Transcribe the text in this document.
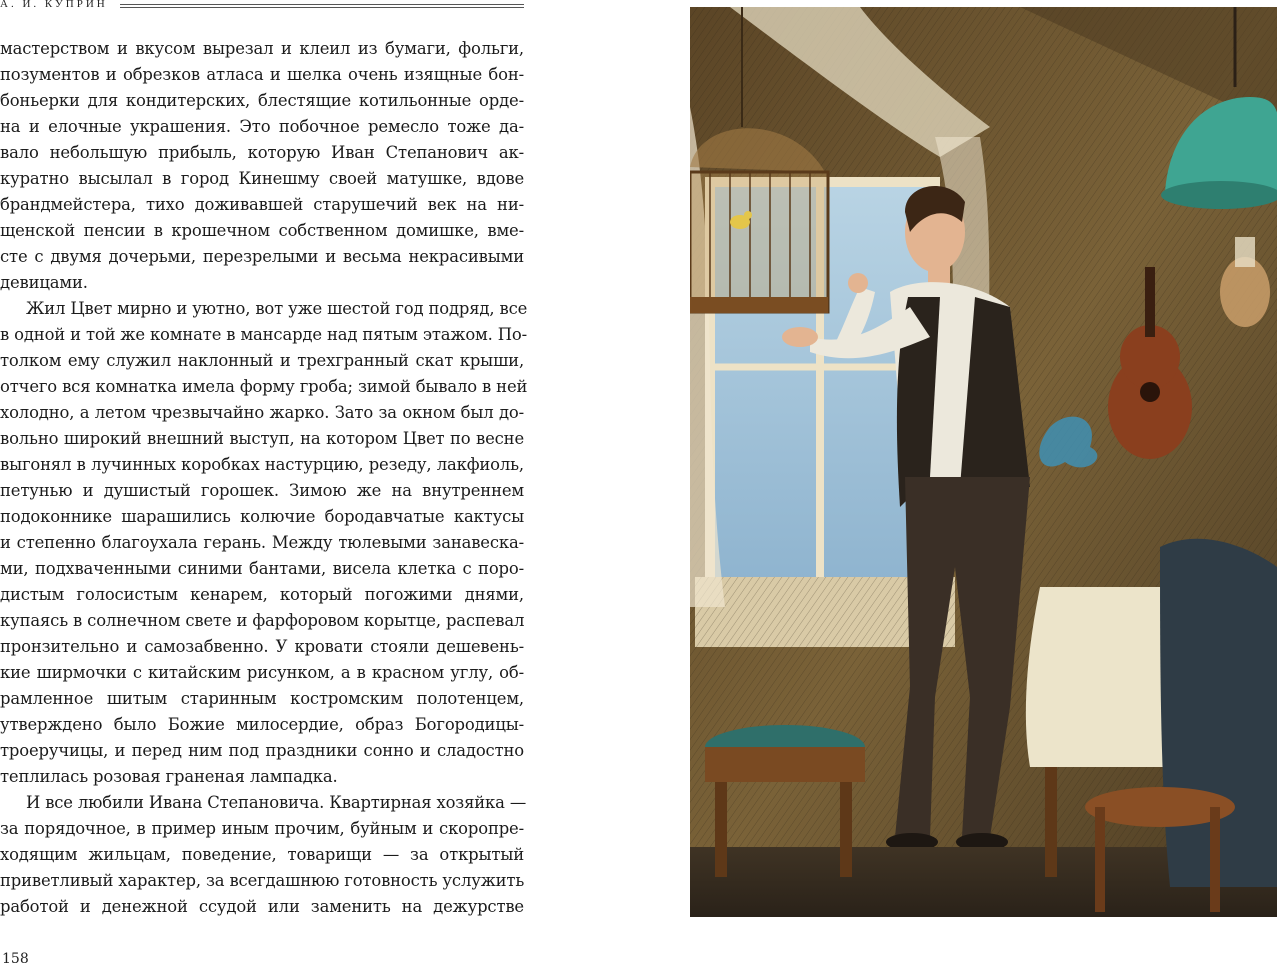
А. И. КУПРИН
мастерством и вкусом вырезал и клеил из бумаги, фольги,
позументов и обрезков атласа и шелка очень изящные бон-
боньерки для кондитерских, блестящие котильонные орде-
на и елочные украшения. Это побочное ремесло тоже да-
вало небольшую прибыль, которую Иван Степанович ак-
куратно высылал в город Кинешму своей матушке, вдове
брандмейстера, тихо доживавшей старушечий век на ни-
щенской пенсии в крошечном собственном домишке, вме-
сте с двумя дочерьми, перезрелыми и весьма некрасивыми
девицами.
Жил Цвет мирно и уютно, вот уже шестой год подряд, все
в одной и той же комнате в мансарде над пятым этажом. По-
толком ему служил наклонный и трехгранный скат крыши,
отчего вся комнатка имела форму гроба; зимой бывало в ней
холодно, а летом чрезвычайно жарко. Зато за окном был до-
вольно широкий внешний выступ, на котором Цвет по весне
выгонял в лучинных коробках настурцию, резеду, лакфиоль,
петунью и душистый горошек. Зимою же на внутреннем
подоконнике шарашились колючие бородавчатые кактусы
и степенно благоухала герань. Между тюлевыми занавеска-
ми, подхваченными синими бантами, висела клетка с поро-
дистым голосистым кенарем, который погожими днями,
купаясь в солнечном свете и фарфоровом корытце, распевал
пронзительно и самозабвенно. У кровати стояли дешевень-
кие ширмочки с китайским рисунком, а в красном углу, об-
рамленное шитым старинным костромским полотенцем,
утверждено было Божие милосердие, образ Богородицы-
троеручицы, и перед ним под праздники сонно и сладостно
теплилась розовая граненая лампадка.
И все любили Ивана Степановича. Квартирная хозяйка —
за порядочное, в пример иным прочим, буйным и скоропре-
ходящим жильцам, поведение, товарищи — за открытый
приветливый характер, за всегдашнюю готовность услужить
работой и денежной ссудой или заменить на дежурстве
158
